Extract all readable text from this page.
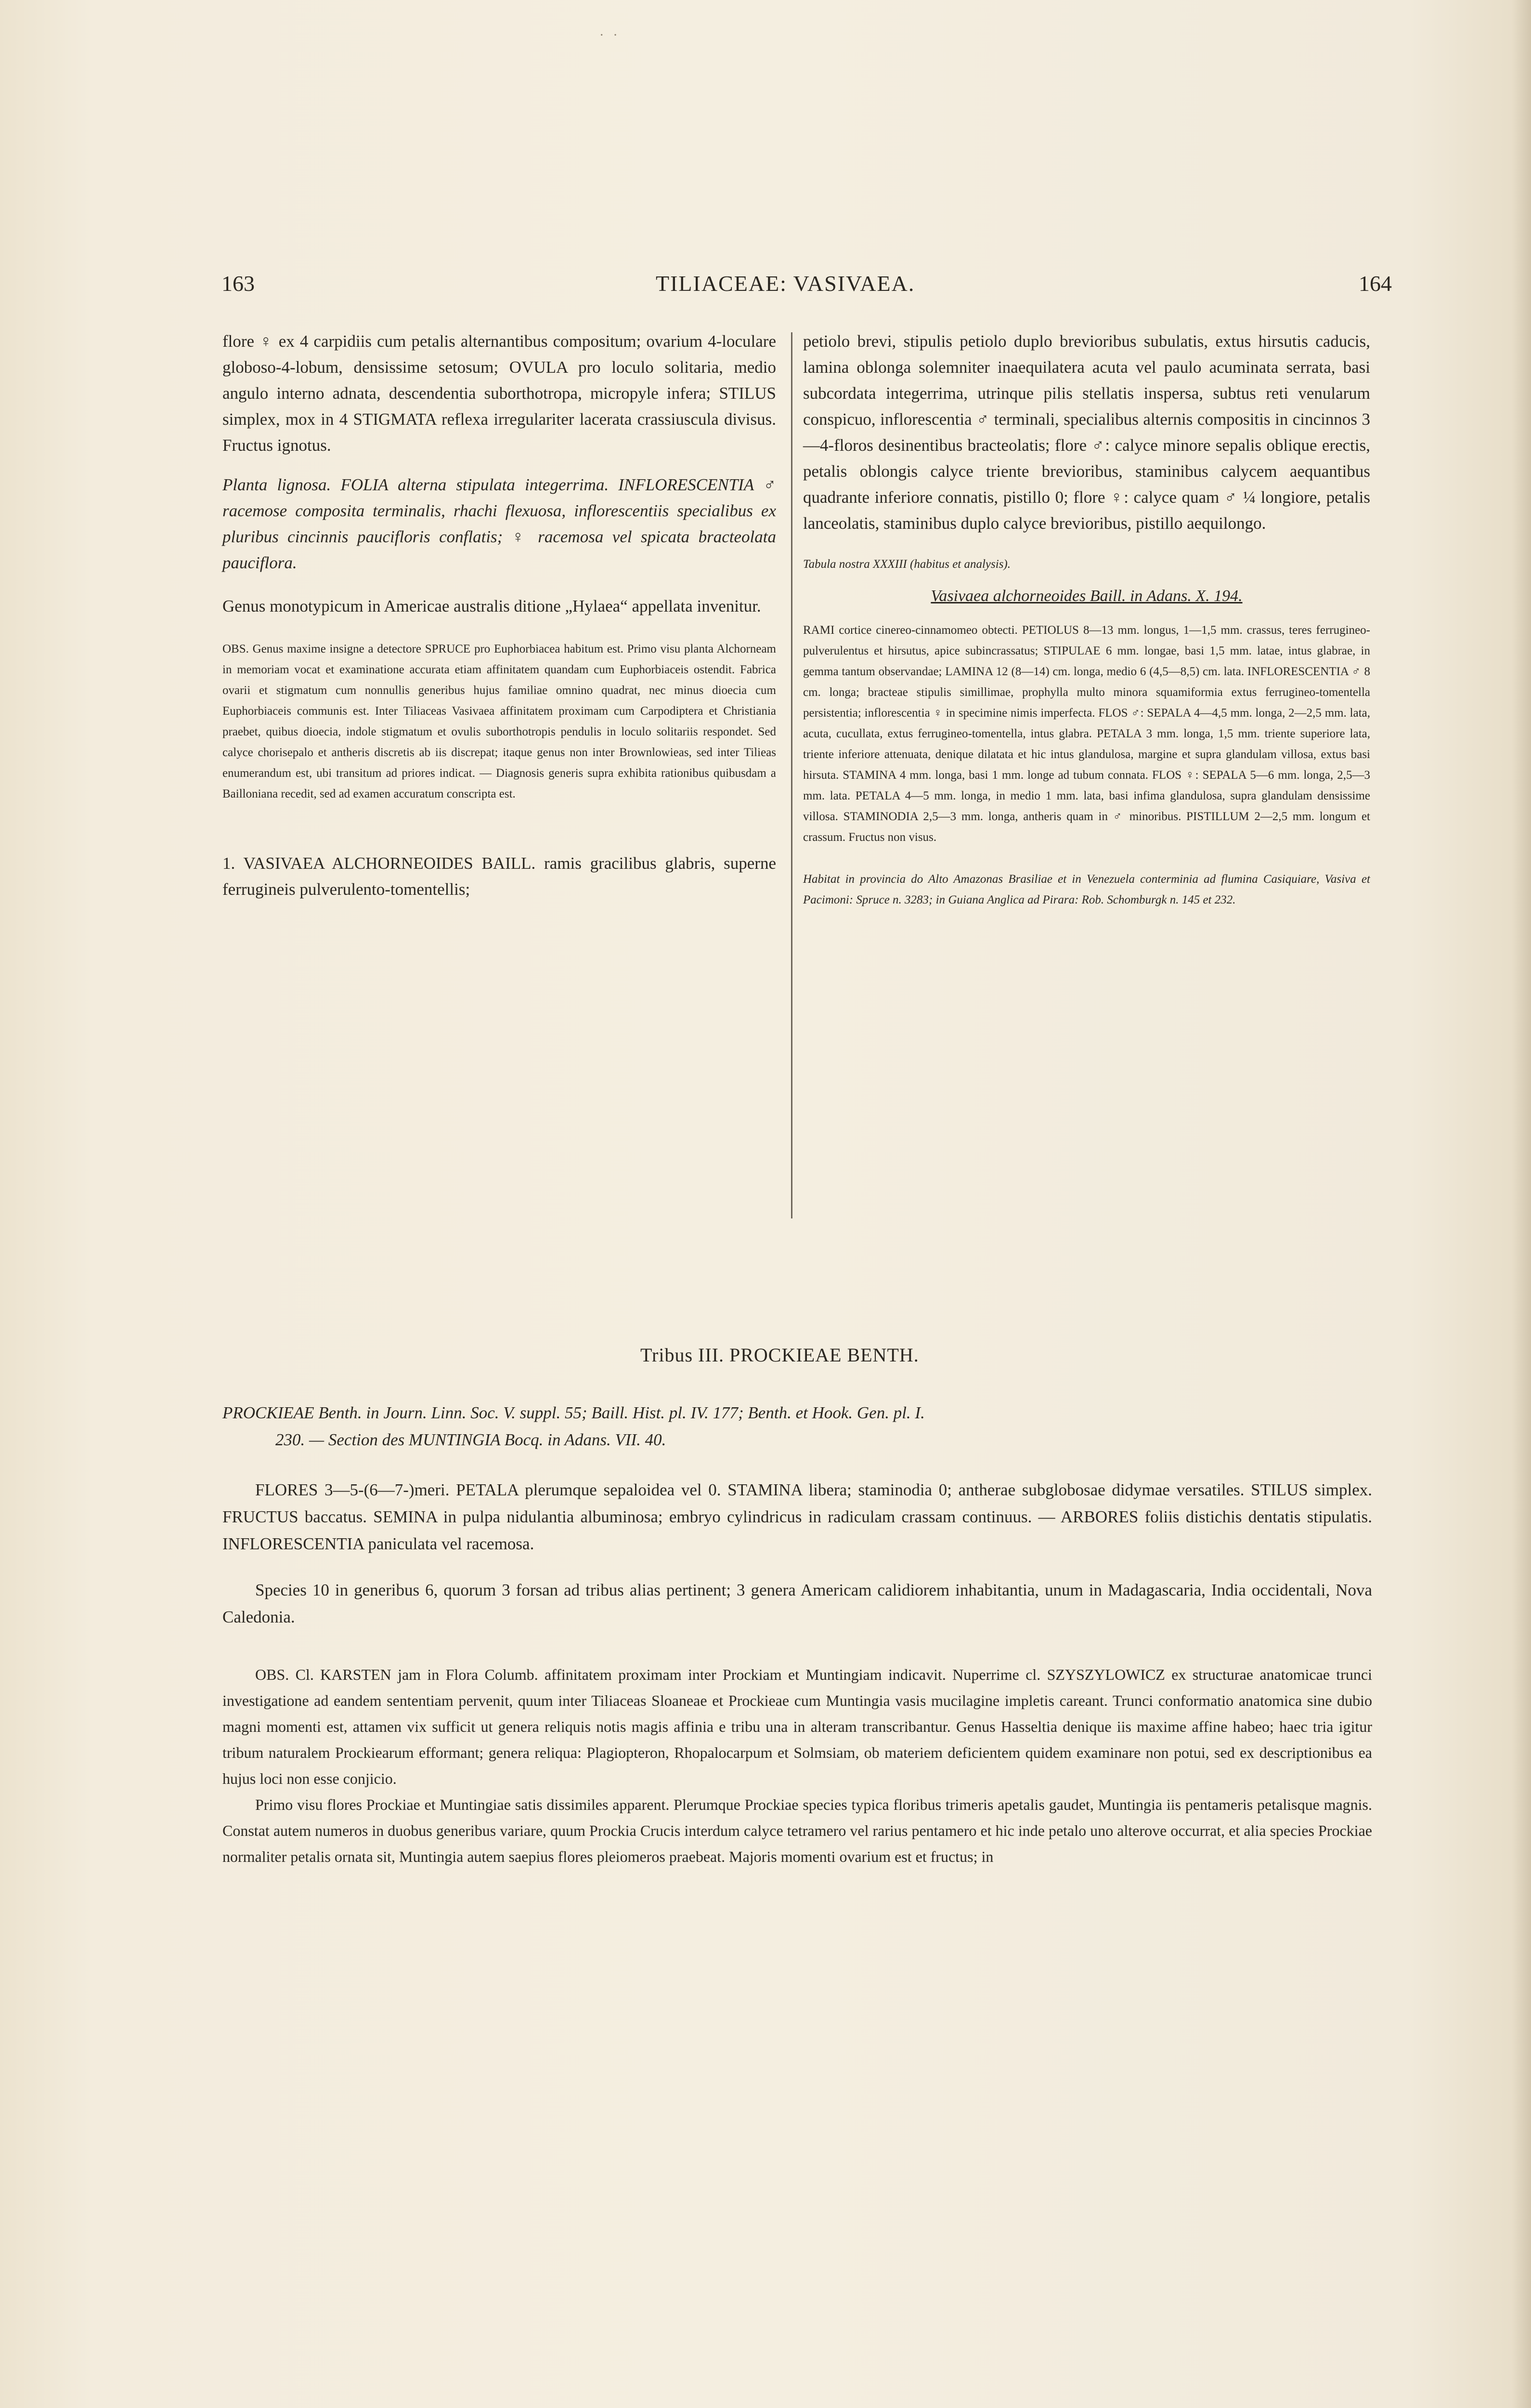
· ·
163	TILIACEAE: VASIVAEA.	164

flore ♀ ex 4 carpidiis cum petalis alternantibus compositum; ovarium 4-loculare globoso-4-lobum, densissime setosum; OVULA pro loculo solitaria, medio angulo interno adnata, descendentia suborthotropa, micropyle infera; STILUS simplex, mox in 4 STIGMATA reflexa irregulariter lacerata crassiuscula divisus. Fructus ignotus.

Planta lignosa. FOLIA alterna stipulata integerrima. INFLORESCENTIA ♂ racemose composita terminalis, rhachi flexuosa, inflorescentiis specialibus ex pluribus cincinnis paucifloris conflatis; ♀ racemosa vel spicata bracteolata pauciflora.

Genus monotypicum in Americae australis ditione „Hylaea“ appellata invenitur.

OBS. Genus maxime insigne a detectore SPRUCE pro Euphorbiacea habitum est. Primo visu planta Alchorneam in memoriam vocat et examinatione accurata etiam affinitatem quandam cum Euphorbiaceis ostendit. Fabrica ovarii et stigmatum cum nonnullis generibus hujus familiae omnino quadrat, nec minus dioecia cum Euphorbiaceis communis est. Inter Tiliaceas Vasivaea affinitatem proximam cum Carpodiptera et Christiania praebet, quibus dioecia, indole stigmatum et ovulis suborthotropis pendulis in loculo solitariis respondet. Sed calyce chorisepalo et antheris discretis ab iis discrepat; itaque genus non inter Brownlowieas, sed inter Tilieas enumerandum est, ubi transitum ad priores indicat. — Diagnosis generis supra exhibita rationibus quibusdam a Bailloniana recedit, sed ad examen accuratum conscripta est.

1. VASIVAEA ALCHORNEOIDES BAILL. ramis gracilibus glabris, superne ferrugineis pulverulento-tomentellis;

petiolo brevi, stipulis petiolo duplo brevioribus subulatis, extus hirsutis caducis, lamina oblonga solemniter inaequilatera acuta vel paulo acuminata serrata, basi subcordata integerrima, utrinque pilis stellatis inspersa, subtus reti venularum conspicuo, inflorescentia ♂ terminali, specialibus alternis compositis in cincinnos 3—4-floros desinentibus bracteolatis; flore ♂: calyce minore sepalis oblique erectis, petalis oblongis calyce triente brevioribus, staminibus calycem aequantibus quadrante inferiore connatis, pistillo 0; flore ♀: calyce quam ♂ ¼ longiore, petalis lanceolatis, staminibus duplo calyce brevioribus, pistillo aequilongo.

Tabula nostra XXXIII (habitus et analysis).

Vasivaea alchorneoides Baill. in Adans. X. 194.

RAMI cortice cinereo-cinnamomeo obtecti. PETIOLUS 8—13 mm. longus, 1—1,5 mm. crassus, teres ferrugineo-pulverulentus et hirsutus, apice subincrassatus; STIPULAE 6 mm. longae, basi 1,5 mm. latae, intus glabrae, in gemma tantum observandae; LAMINA 12 (8—14) cm. longa, medio 6 (4,5—8,5) cm. lata. INFLORESCENTIA ♂ 8 cm. longa; bracteae stipulis simillimae, prophylla multo minora squamiformia extus ferrugineo-tomentella persistentia; inflorescentia ♀ in specimine nimis imperfecta. FLOS ♂: SEPALA 4—4,5 mm. longa, 2—2,5 mm. lata, acuta, cucullata, extus ferrugineo-tomentella, intus glabra. PETALA 3 mm. longa, 1,5 mm. triente superiore lata, triente inferiore attenuata, denique dilatata et hic intus glandulosa, margine et supra glandulam villosa, extus basi hirsuta. STAMINA 4 mm. longa, basi 1 mm. longe ad tubum connata. FLOS ♀: SEPALA 5—6 mm. longa, 2,5—3 mm. lata. PETALA 4—5 mm. longa, in medio 1 mm. lata, basi infima glandulosa, supra glandulam densissime villosa. STAMINODIA 2,5—3 mm. longa, antheris quam in ♂ minoribus. PISTILLUM 2—2,5 mm. longum et crassum. Fructus non visus.

Habitat in provincia do Alto Amazonas Brasiliae et in Venezuela conterminia ad flumina Casiquiare, Vasiva et Pacimoni: Spruce n. 3283; in Guiana Anglica ad Pirara: Rob. Schomburgk n. 145 et 232.

Tribus III. PROCKIEAE BENTH.

PROCKIEAE Benth. in Journ. Linn. Soc. V. suppl. 55; Baill. Hist. pl. IV. 177; Benth. et Hook. Gen. pl. I.
230. — Section des MUNTINGIA Bocq. in Adans. VII. 40.

FLORES 3—5-(6—7-)meri. PETALA plerumque sepaloidea vel 0. STAMINA libera; staminodia 0; antherae subglobosae didymae versatiles. STILUS simplex. FRUCTUS baccatus. SEMINA in pulpa nidulantia albuminosa; embryo cylindricus in radiculam crassam continuus. — ARBORES foliis distichis dentatis stipulatis. INFLORESCENTIA paniculata vel racemosa.

Species 10 in generibus 6, quorum 3 forsan ad tribus alias pertinent; 3 genera Americam calidiorem inhabitantia, unum in Madagascaria, India occidentali, Nova Caledonia.

OBS. Cl. KARSTEN jam in Flora Columb. affinitatem proximam inter Prockiam et Muntingiam indicavit. Nuperrime cl. SZYSZYLOWICZ ex structurae anatomicae trunci investigatione ad eandem sententiam pervenit, quum inter Tiliaceas Sloaneae et Prockieae cum Muntingia vasis mucilagine impletis careant. Trunci conformatio anatomica sine dubio magni momenti est, attamen vix sufficit ut genera reliquis notis magis affinia e tribu una in alteram transcribantur. Genus Hasseltia denique iis maxime affine habeo; haec tria igitur tribum naturalem Prockiearum efformant; genera reliqua: Plagiopteron, Rhopalocarpum et Solmsiam, ob materiem deficientem quidem examinare non potui, sed ex descriptionibus ea hujus loci non esse conjicio.

Primo visu flores Prockiae et Muntingiae satis dissimiles apparent. Plerumque Prockiae species typica floribus trimeris apetalis gaudet, Muntingia iis pentameris petalisque magnis. Constat autem numeros in duobus generibus variare, quum Prockia Crucis interdum calyce tetramero vel rarius pentamero et hic inde petalo uno alterove occurrat, et alia species Prockiae normaliter petalis ornata sit, Muntingia autem saepius flores pleiomeros praebeat. Majoris momenti ovarium est et fructus; in
